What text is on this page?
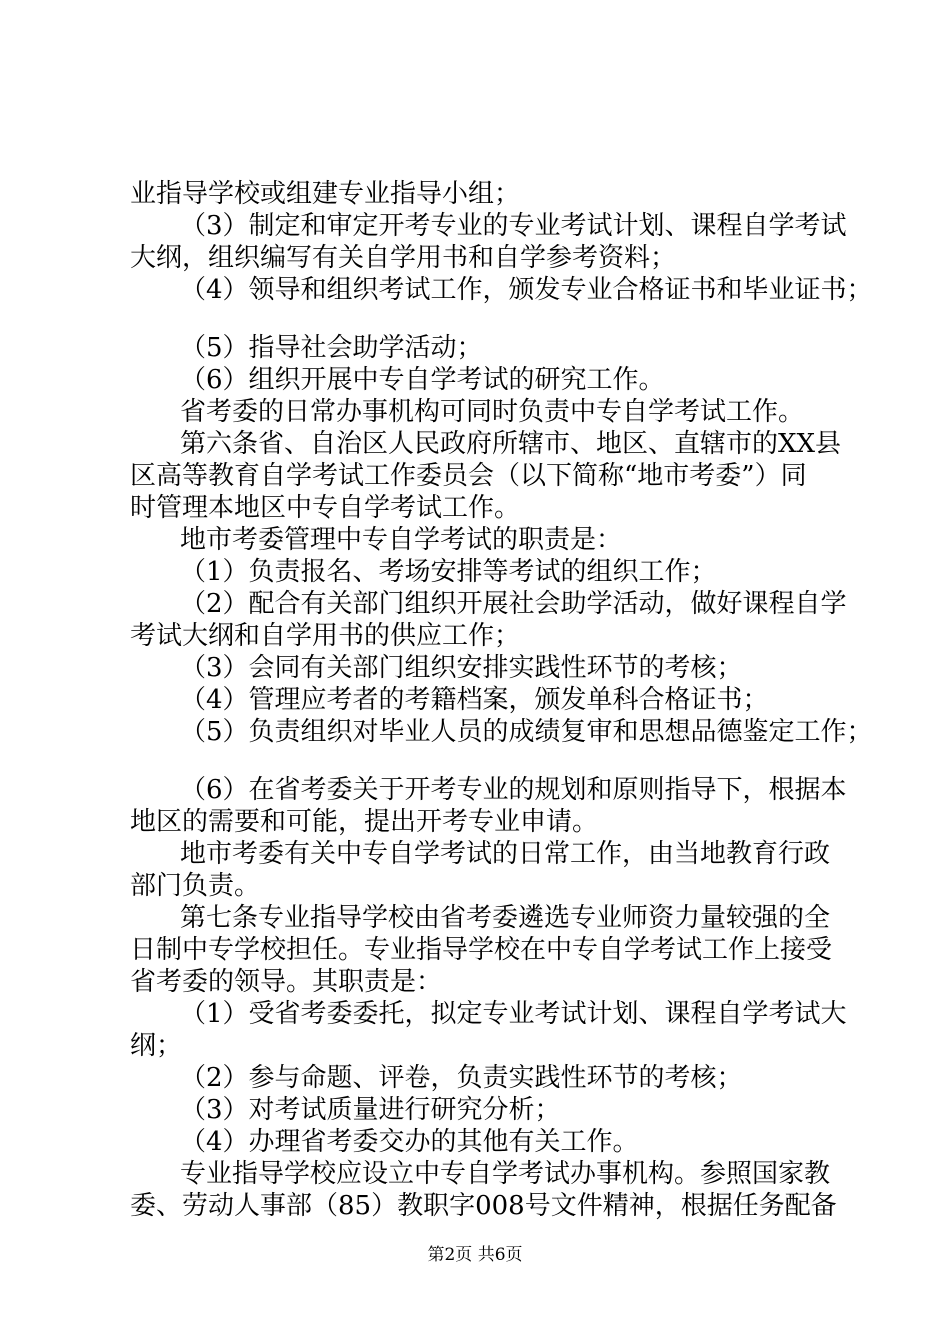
业指导学校或组建专业指导小组；
（3）制定和审定开考专业的专业考试计划、课程自学考试
大纲，组织编写有关自学用书和自学参考资料；
（4）领导和组织考试工作，颁发专业合格证书和毕业证书；
（5）指导社会助学活动；
（6）组织开展中专自学考试的研究工作。
省考委的日常办事机构可同时负责中专自学考试工作。
第六条省、自治区人民政府所辖市、地区、直辖市的XX县
区高等教育自学考试工作委员会（以下简称“地市考委”）同
时管理本地区中专自学考试工作。
地市考委管理中专自学考试的职责是：
（1）负责报名、考场安排等考试的组织工作；
（2）配合有关部门组织开展社会助学活动，做好课程自学
考试大纲和自学用书的供应工作；
（3）会同有关部门组织安排实践性环节的考核；
（4）管理应考者的考籍档案，颁发单科合格证书；
（5）负责组织对毕业人员的成绩复审和思想品德鉴定工作；
（6）在省考委关于开考专业的规划和原则指导下，根据本
地区的需要和可能，提出开考专业申请。
地市考委有关中专自学考试的日常工作，由当地教育行政
部门负责。
第七条专业指导学校由省考委遴选专业师资力量较强的全
日制中专学校担任。专业指导学校在中专自学考试工作上接受
省考委的领导。其职责是：
（1）受省考委委托，拟定专业考试计划、课程自学考试大
纲；
（2）参与命题、评卷，负责实践性环节的考核；
（3）对考试质量进行研究分析；
（4）办理省考委交办的其他有关工作。
专业指导学校应设立中专自学考试办事机构。参照国家教
委、劳动人事部（85）教职字008号文件精神，根据任务配备
第2页 共6页
